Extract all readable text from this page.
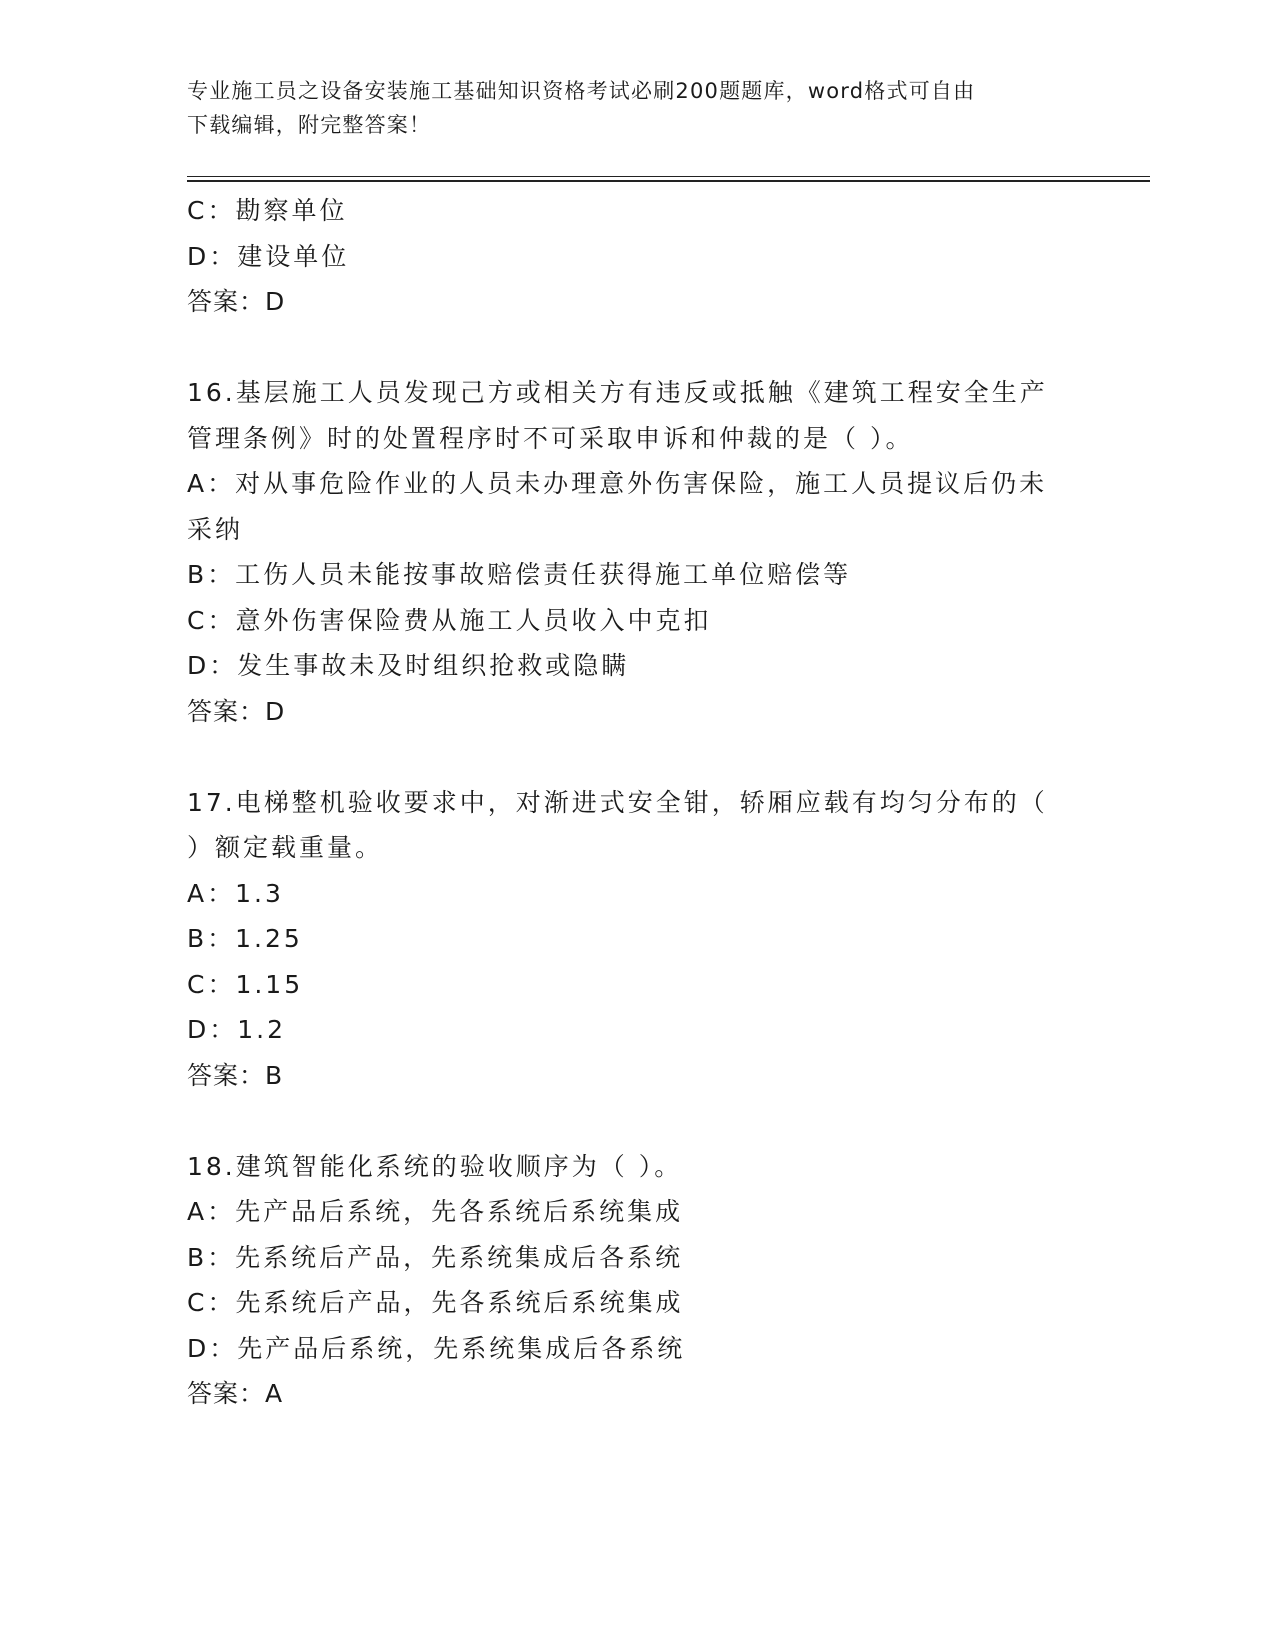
专业施工员之设备安装施工基础知识资格考试必刷200题题库，word格式可自由
下载编辑，附完整答案！
C：勘察单位
D：建设单位
答案：D
16.基层施工人员发现己方或相关方有违反或抵触《建筑工程安全生产
管理条例》时的处置程序时不可采取申诉和仲裁的是（ ）。
A：对从事危险作业的人员未办理意外伤害保险，施工人员提议后仍未
采纳
B：工伤人员未能按事故赔偿责任获得施工单位赔偿等
C：意外伤害保险费从施工人员收入中克扣
D：发生事故未及时组织抢救或隐瞒
答案：D
17.电梯整机验收要求中，对渐进式安全钳，轿厢应载有均匀分布的（
）额定载重量。
A：1.3
B：1.25
C：1.15
D：1.2
答案：B
18.建筑智能化系统的验收顺序为（ ）。
A：先产品后系统，先各系统后系统集成
B：先系统后产品，先系统集成后各系统
C：先系统后产品，先各系统后系统集成
D：先产品后系统，先系统集成后各系统
答案：A
